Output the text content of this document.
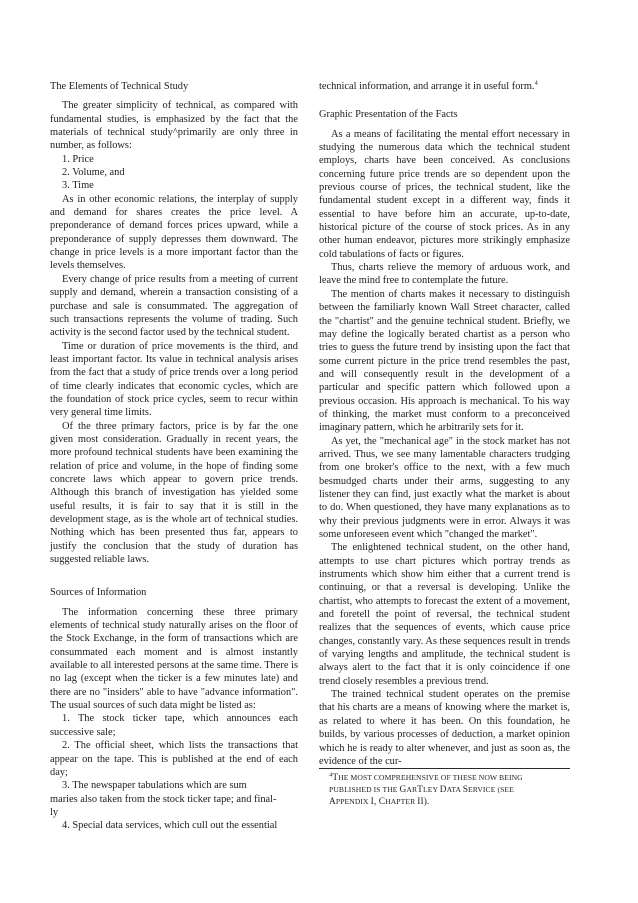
The Elements of Technical Study

The greater simplicity of technical, as compared with fundamental studies, is emphasized by the fact that the materials of technical study^primarily are only three in number, as follows:

1. Price

2. Volume, and

3. Time

As in other economic relations, the interplay of supply and demand for shares creates the price level. A preponderance of demand forces prices upward, while a preponderance of supply depresses them downward. The change in price levels is a more important factor than the levels themselves.

Every change of price results from a meeting of current supply and demand, wherein a transaction consisting of a purchase and sale is consummated. The aggregation of such transactions represents the volume of trading. Such activity is the second factor used by the technical student.

Time or duration of price movements is the third, and least important factor. Its value in technical analysis arises from the fact that a study of price trends over a long period of time clearly indicates that economic cycles, which are the foundation of stock price cycles, seem to recur within very general time limits.

Of the three primary factors, price is by far the one given most consideration. Gradually in recent years, the more profound technical students have been examining the relation of price and volume, in the hope of finding some concrete laws which appear to govern price trends. Although this branch of investigation has yielded some useful results, it is fair to say that it is still in the development stage, as is the whole art of technical studies. Nothing which has been presented thus far, appears to justify the conclusion that the study of duration has suggested reliable laws.

Sources of Information

The information concerning these three primary elements of technical study naturally arises on the floor of the Stock Exchange, in the form of transactions which are consummated each moment and is almost instantly available to all interested persons at the same time. There is no lag (except when the ticker is a few minutes late) and there are no "insiders" able to have "advance information". The usual sources of such data might be listed as:

1. The stock ticker tape, which announces each successive sale;

2. The official sheet, which lists the transactions that appear on the tape. This is published at the end of each day;

3. The newspaper tabulations which are sum

maries also taken from the stock ticker tape; and final-

ly

4. Special data services, which cull out the essential

technical information, and arrange it in useful form.$^4$

Graphic Presentation of the Facts

As a means of facilitating the mental effort necessary in studying the numerous data which the technical student employs, charts have been conceived. As conclusions concerning future price trends are so dependent upon the previous course of prices, the technical student, like the fundamental student except in a different way, finds it essential to have before him an accurate, up-to-date, historical picture of the course of stock prices. As in any other human endeavor, pictures more strikingly emphasize cold tabulations of facts or figures.

Thus, charts relieve the memory of arduous work, and leave the mind free to contemplate the future.

The mention of charts makes it necessary to distinguish between the familiarly known Wall Street character, called the "chartist" and the genuine technical student. Briefly, we may define the logically berated chartist as a person who tries to guess the future trend by insisting upon the fact that some current picture in the price trend resembles the past, and will consequently result in the development of a particular and specific pattern which followed upon a previous occasion. His approach is mechanical. To his way of thinking, the market must conform to a preconceived imaginary pattern, which he arbitrarily sets for it.

As yet, the "mechanical age" in the stock market has not arrived. Thus, we see many lamentable characters trudging from one broker's office to the next, with a few much besmudged charts under their arms, suggesting to any listener they can find, just exactly what the market is about to do. When questioned, they have many explanations as to why their previous judgments were in error. Always it was some unforeseen event which "changed the market".

The enlightened technical student, on the other hand, attempts to use chart pictures which portray trends as instruments which show him either that a current trend is continuing, or that a reversal is developing. Unlike the chartist, who attempts to forecast the extent of a movement, and foretell the point of reversal, the technical student realizes that the sequences of events, which cause price changes, constantly vary. As these sequences result in trends of varying lengths and amplitude, the technical student is always alert to the fact that it is only coincidence if one trend closely resembles a previous trend.

The trained technical student operates on the premise that his charts are a means of knowing where the market is, as related to where it has been. On this foundation, he builds, by various processes of deduction, a market opinion which he is ready to alter whenever, and just as soon as, the evidence of the cur-

$^4$THE MOST COMPREHENSIVE OF THESE NOW BEING
PUBLISHED IS THE GARTLEY DATA SERVICE (SEE
APPENDIX I, CHAPTER II).
